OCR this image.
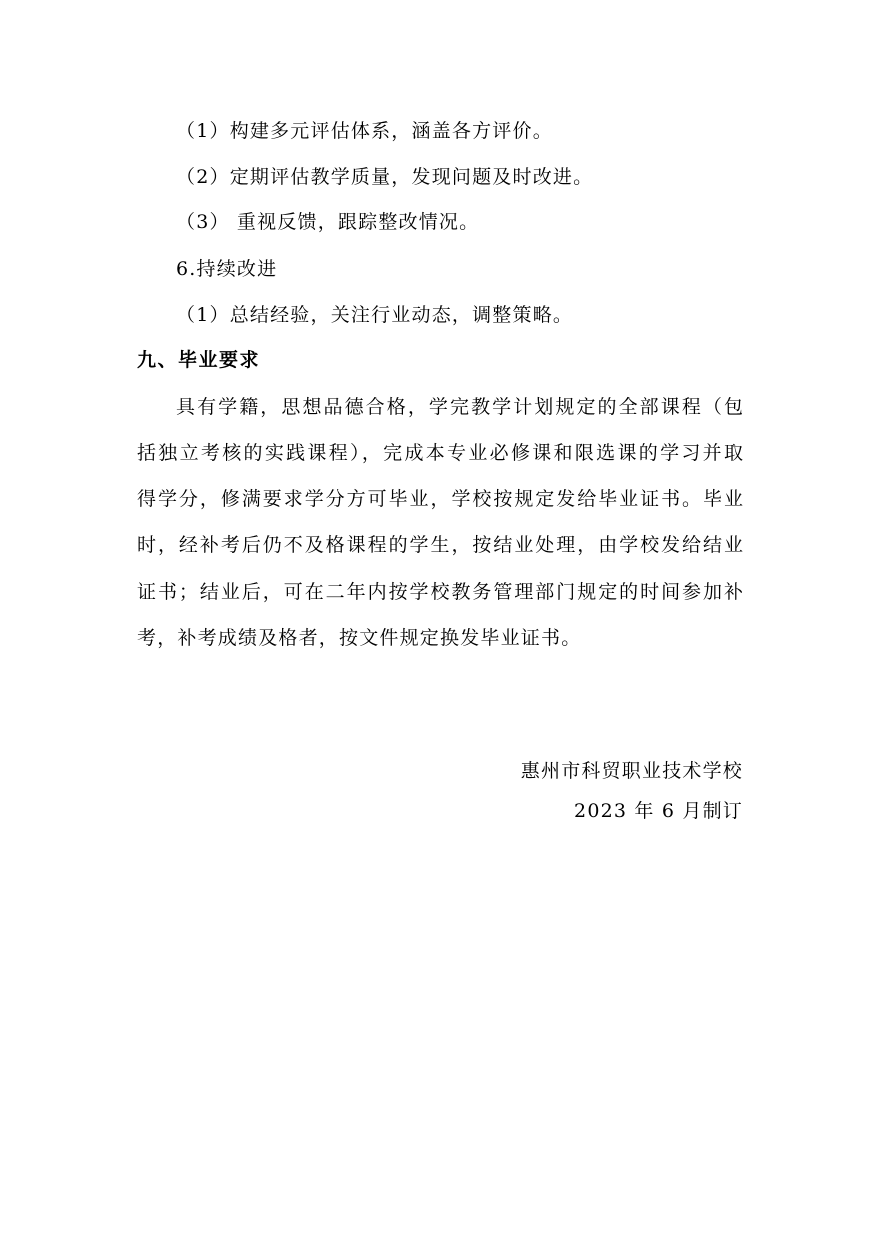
（1）构建多元评估体系，涵盖各方评价。
（2）定期评估教学质量，发现问题及时改进。
（3） 重视反馈，跟踪整改情况。
6.持续改进
（1）总结经验，关注行业动态，调整策略。
九、毕业要求
具有学籍，思想品德合格，学完教学计划规定的全部课程（包
括独立考核的实践课程），完成本专业必修课和限选课的学习并取
得学分，修满要求学分方可毕业，学校按规定发给毕业证书。毕业
时，经补考后仍不及格课程的学生，按结业处理，由学校发给结业
证书；结业后，可在二年内按学校教务管理部门规定的时间参加补
考，补考成绩及格者，按文件规定换发毕业证书。
惠州市科贸职业技术学校
2023 年 6 月制订
